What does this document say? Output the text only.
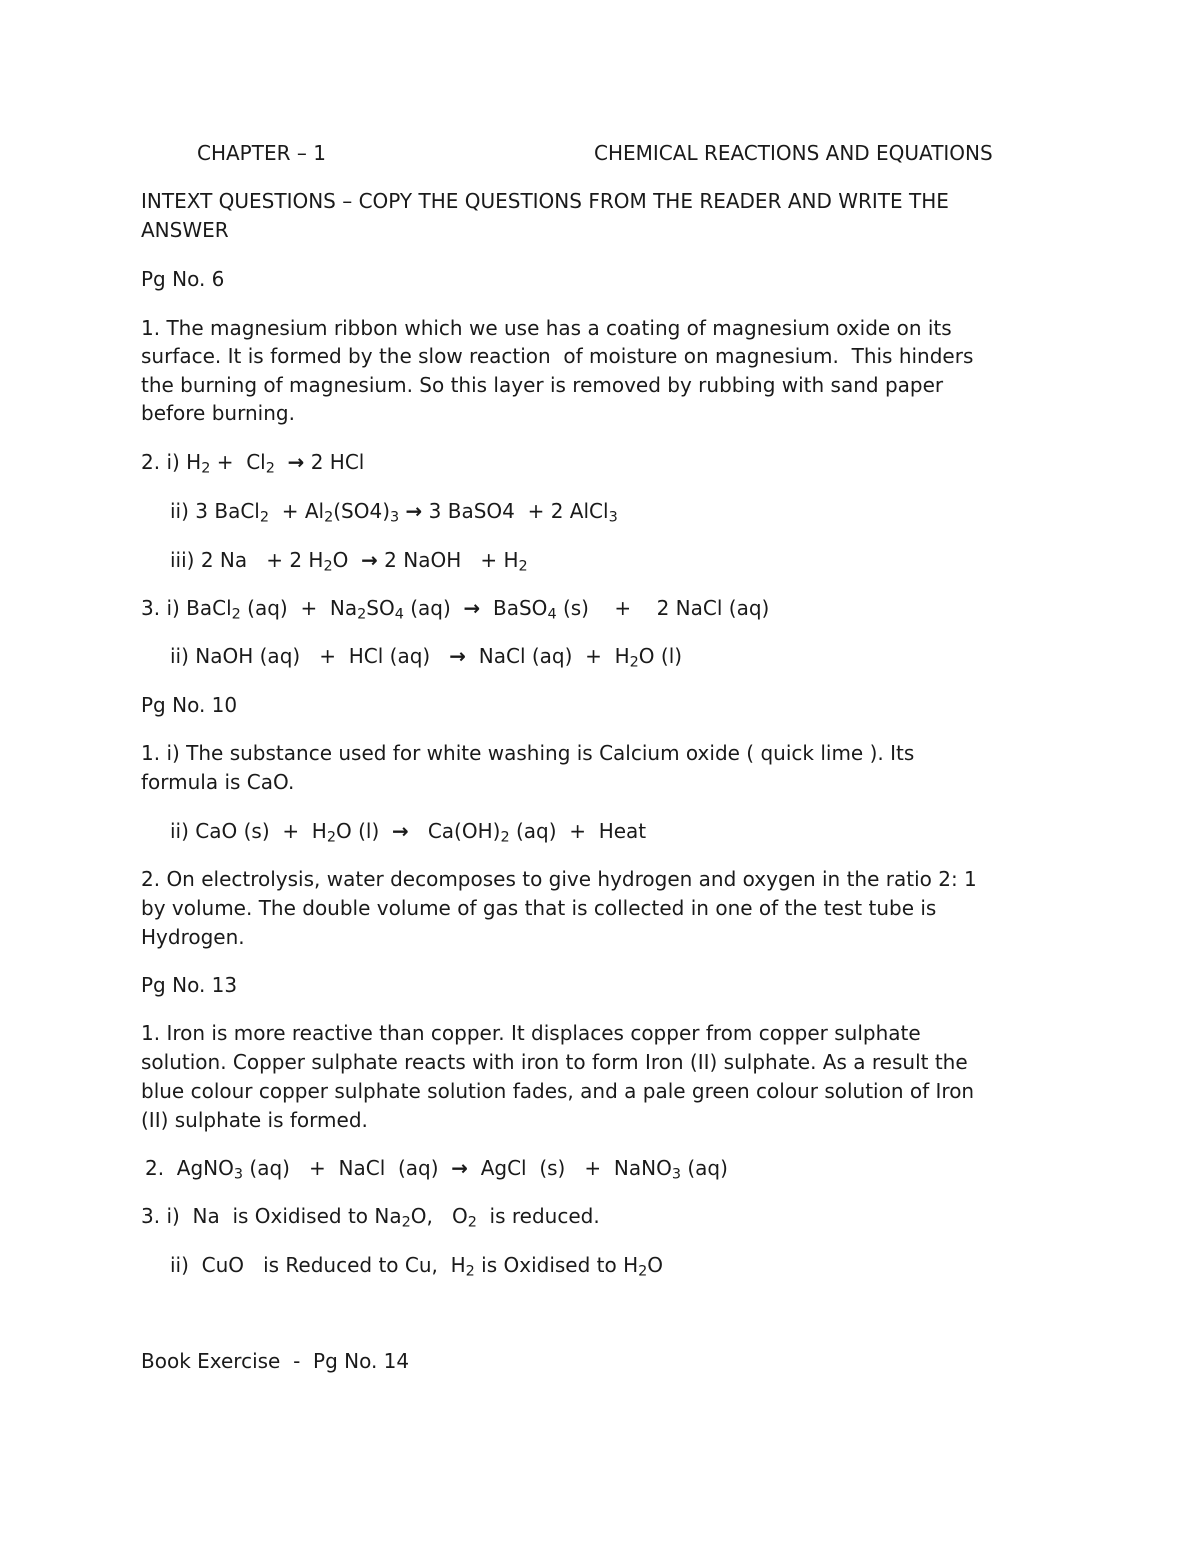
CHAPTER – 1	CHEMICAL REACTIONS AND EQUATIONS
INTEXT QUESTIONS – COPY THE QUESTIONS FROM THE READER AND WRITE THE
ANSWER
Pg No. 6
1. The magnesium ribbon which we use has a coating of magnesium oxide on its
surface. It is formed by the slow reaction  of moisture on magnesium.  This hinders
the burning of magnesium. So this layer is removed by rubbing with sand paper
before burning.
2. i) $H_2 + Cl_2 \to 2$ HCl
ii) 3 BaCl$_2$  + $Al_2(SO4)_3 \to 3$ BaSO4  + 2 AlCl$_3$
iii) 2 Na   + 2 $H_2O \to 2$ NaOH   + $H_2$
3. i) BaCl$_2$ $(aq) + Na_2SO_4$ (aq)  →  BaSO$_4$ (s)    +    2 NaCl (aq)
ii) NaOH (aq)   +  HCl (aq)   →  NaCl $(aq) + H_2O$ (l)
Pg No. 10
1. i) The substance used for white washing is Calcium oxide ( quick lime ). Its
formula is CaO.
ii) CaO $(s) + H_2O$ $(l) \to Ca(OH)_2$ (aq)  +  Heat
2. On electrolysis, water decomposes to give hydrogen and oxygen in the ratio 2: 1
by volume. The double volume of gas that is collected in one of the test tube is
Hydrogen.
Pg No. 13
1. Iron is more reactive than copper. It displaces copper from copper sulphate
solution. Copper sulphate reacts with iron to form Iron (II) sulphate. As a result the
blue colour copper sulphate solution fades, and a pale green colour solution of Iron
(II) sulphate is formed.
2.  AgNO$_3$ (aq)   +  NaCl  (aq)  →  AgCl  (s)   +  NaNO$_3$ (aq)
3. i)  Na  is Oxidised to $Na_2O$,   $O_2$  is reduced.
ii)  CuO   is Reduced to Cu,  $H_2$ is Oxidised to $H_2O$
Book Exercise  -  Pg No. 14
